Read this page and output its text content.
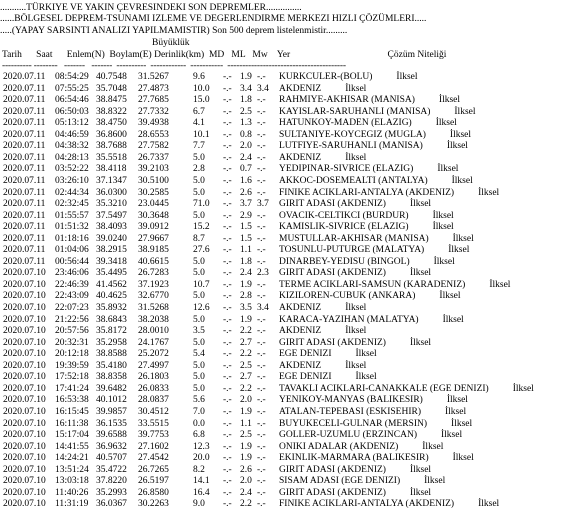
...........TÜRKIYE VE YAKIN ÇEVRESINDEKI SON DEPREMLER...............
......BÖLGESEL DEPREM-TSUNAMI IZLEME VE DEGERLENDIRME MERKEZI HIZLI ÇÖZÜMLERI.....
.....(YAPAY SARSINTI ANALIZI YAPILMAMISTIR) Son 500 deprem listelenmistir.........
Büyüklük
Tarih      Saat      Enlem(N)  Boylam(E) Derinlik(km)  MD   ML   Mw    Yer                                         Çözüm Niteliği
---------- --------   -------   -------  ----------  ------------  -----------  ----------------------------------------
2020.07.11 08:54:29 40.7548 31.5267	9.6 -.- 1.9 -.- KURKCULER-(BOLU)	İlksel
2020.07.11 07:55:25 35.7048 27.4873	10.0 -.- 3.4 3.4 AKDENIZ	İlksel
2020.07.11 06:54:46 38.8475 27.7685	15.0 -.- 1.8 -.- RAHMIYE-AKHISAR (MANISA)	İlksel
2020.07.11 06:50:03 38.8322 27.7332	6.7 -.- 2.5 -.- KAYISLAR-SARUHANLI (MANISA)	İlksel
2020.07.11 05:13:12 38.4750 39.4938	4.1 -.- 1.3 -.- HATUNKOY-MADEN (ELAZIG)	İlksel
2020.07.11 04:46:59 36.8600 28.6553	10.1 -.- 0.8 -.- SULTANIYE-KOYCEGIZ (MUGLA)	İlksel
2020.07.11 04:38:32 38.7688 27.7582	7.7 -.- 2.0 -.- LUTFIYE-SARUHANLI (MANISA)	İlksel
2020.07.11 04:28:13 35.5518 26.7337	5.0 -.- 2.4 -.- AKDENIZ	İlksel
2020.07.11 03:52:22 38.4118 39.2103	2.8 -.- 0.7 -.- YEDIPINAR-SIVRICE (ELAZIG)	İlksel
2020.07.11 03:26:10 37.1347 30.5100	5.0 -.- 1.6 -.- AKKOC-DOSEMEALTI (ANTALYA)	İlksel
2020.07.11 02:44:34 36.0300 30.2585	5.0 -.- 2.6 -.- FINIKE ACIKLARI-ANTALYA (AKDENIZ)	İlksel
2020.07.11 02:32:45 35.3210 23.0445	71.0 -.- 3.7 3.7 GIRIT ADASI (AKDENIZ)	İlksel
2020.07.11 01:55:57 37.5497 30.3648	5.0 -.- 2.9 -.- OVACIK-CELTIKCI (BURDUR)	İlksel
2020.07.11 01:51:32 38.4093 39.0912	15.2 -.- 1.5 -.- KAMISLIK-SIVRICE (ELAZIG)	İlksel
2020.07.11 01:18:16 39.0240 27.9667	8.7 -.- 1.5 -.- MUSTULLAR-AKHISAR (MANISA)	İlksel
2020.07.11 01:04:06 38.2915 38.9185	27.6 -.- 1.1 -.- TOSUNLU-PUTURGE (MALATYA)	İlksel
2020.07.11 00:56:44 39.3418 40.6615	5.0 -.- 1.8 -.- DINARBEY-YEDISU (BINGOL)	İlksel
2020.07.10 23:46:06 35.4495 26.7283	5.0 -.- 2.4 2.3 GIRIT ADASI (AKDENIZ)	İlksel
2020.07.10 22:46:39 41.4562 37.1923	10.7 -.- 1.9 -.- TERME ACIKLARI-SAMSUN (KARADENIZ)	İlksel
2020.07.10 22:43:09 40.4625 32.6770	5.0 -.- 2.8 -.- KIZILOREN-CUBUK (ANKARA)	İlksel
2020.07.10 22:07:23 35.8932 31.5268	12.6 -.- 3.5 3.4 AKDENIZ	İlksel
2020.07.10 21:22:56 38.6843 38.2038	5.0 -.- 1.9 -.- KARACA-YAZIHAN (MALATYA)	İlksel
2020.07.10 20:57:56 35.8172 28.0010	3.5 -.- 2.2 -.- AKDENIZ	İlksel
2020.07.10 20:32:31 35.2958 24.1767	5.0 -.- 2.7 -.- GIRIT ADASI (AKDENIZ)	İlksel
2020.07.10 20:12:18 38.8588 25.2072	5.4 -.- 2.2 -.- EGE DENIZI	İlksel
2020.07.10 19:39:59 35.4180 27.4997	5.0 -.- 2.5 -.- AKDENIZ	İlksel
2020.07.10 17:52:18 38.8358 26.1803	5.0 -.- 2.7 -.- EGE DENIZI	İlksel
2020.07.10 17:41:24 39.6482 26.0833	5.0 -.- 2.2 -.- TAVAKLI ACIKLARI-CANAKKALE (EGE DENIZI)	İlksel
2020.07.10 16:53:38 40.1012 28.0837	5.6 -.- 2.0 -.- YENIKOY-MANYAS (BALIKESIR)	İlksel
2020.07.10 16:15:45 39.9857 30.4512	7.0 -.- 1.9 -.- ATALAN-TEPEBASI (ESKISEHIR)	İlksel
2020.07.10 16:11:38 36.1535 33.5515	0.0 -.- 1.1 -.- BUYUKECELI-GULNAR (MERSIN)	İlksel
2020.07.10 15:17:04 39.6588 39.7753	6.8 -.- 2.5 -.- GOLLER-UZUMLU (ERZINCAN)	İlksel
2020.07.10 14:41:55 36.9632 27.1602	12.3 -.- 1.9 -.- ONIKI ADALAR (AKDENIZ)	İlksel
2020.07.10 14:24:21 40.5707 27.4542	20.0 -.- 1.9 -.- EKINLIK-MARMARA (BALIKESIR)	İlksel
2020.07.10 13:51:24 35.4722 26.7265	8.2 -.- 2.6 -.- GIRIT ADASI (AKDENIZ)	İlksel
2020.07.10 13:03:18 37.8220 26.5197	14.1 -.- 2.0 -.- SISAM ADASI (EGE DENIZI)	İlksel
2020.07.10 11:40:26 35.2993 26.8580	16.4 -.- 2.4 -.- GIRIT ADASI (AKDENIZ)	İlksel
2020.07.10 11:31:19 36.0367 30.2263	9.0 -.- 2.2 -.- FINIKE ACIKLARI-ANTALYA (AKDENIZ)	İlksel
